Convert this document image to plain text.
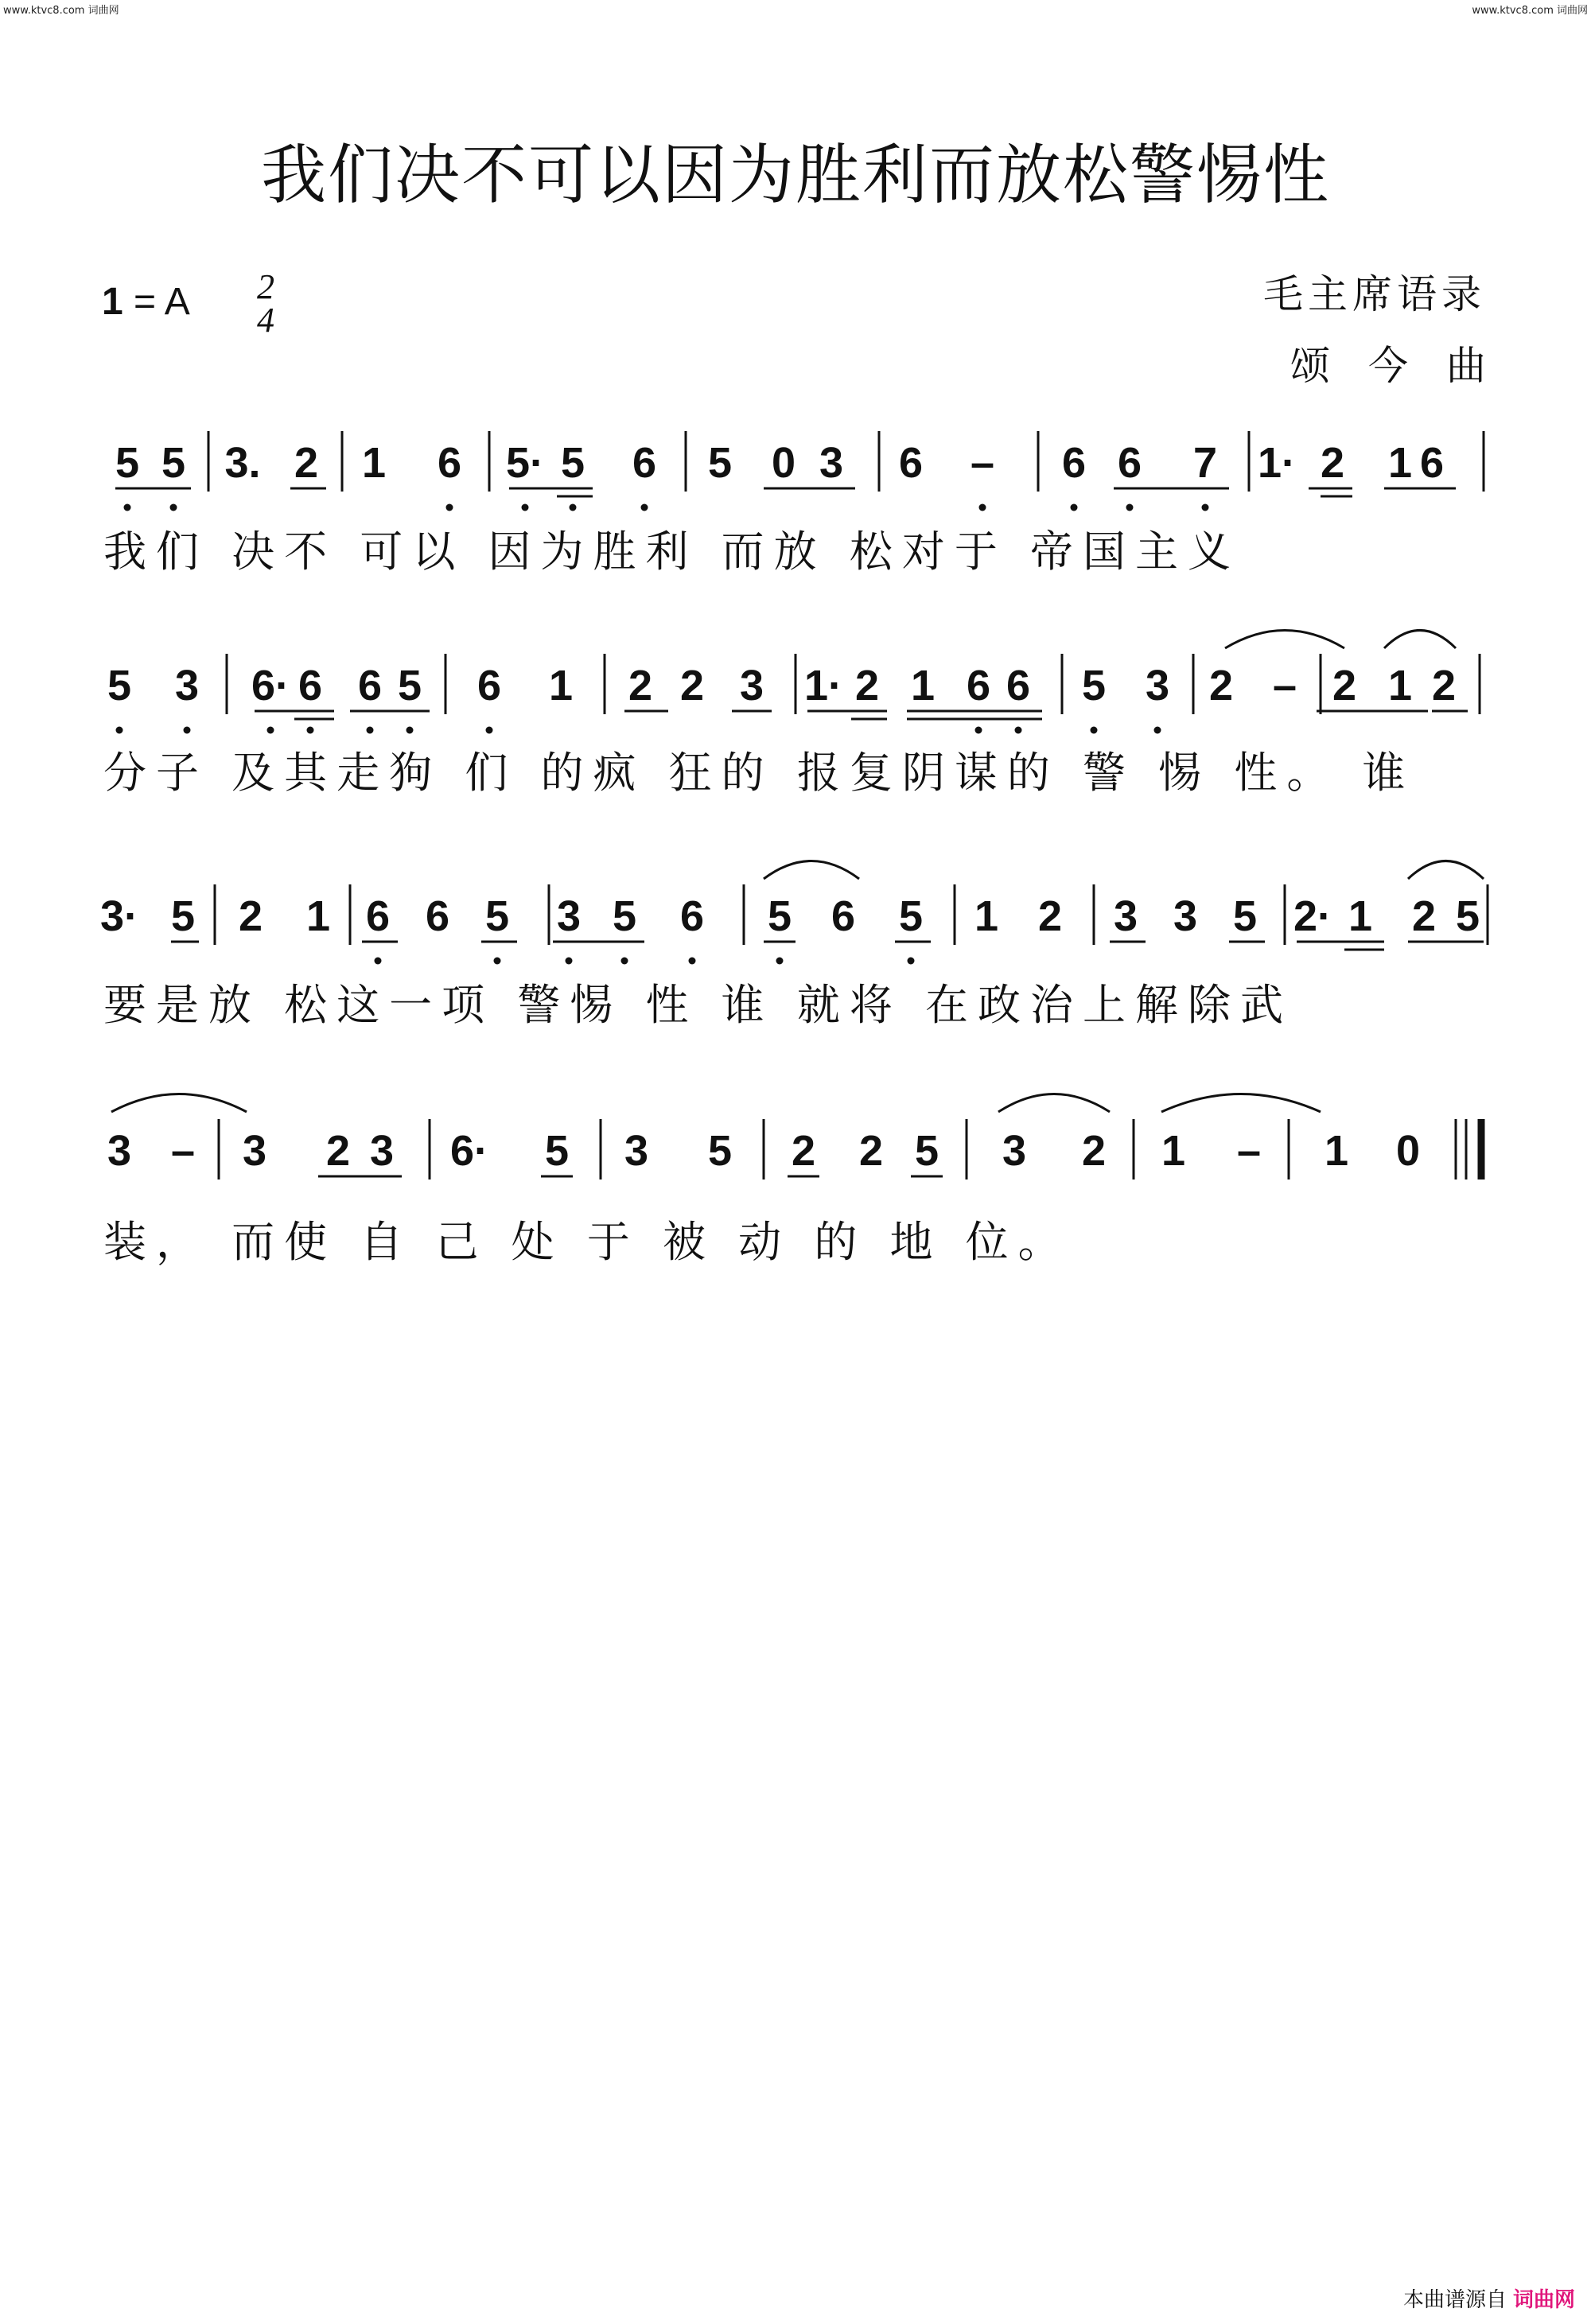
www.ktvc8.com 词曲网	www.ktvc8.com 词曲网
我们决不可以因为胜利而放松警惕性
1 = A 2
4
毛主席语录
颂今曲
5 5 3. 2 1 6 5· 5 6 5 0 3 6 – 6 6 7 1· 2 1 6
5 3 6· 6 6 5 6 1 2 2 3 1· 2 1 6 6 5 3 2 – 2 1 2
3· 5 2 1 6 6 5 3 5 6 5 6 5 1 2 3 3 5 2· 1 2 5
3 – 3 2 3 6· 5 3 5 2 2 5 3 2 1 – 1 0
我们 决不 可以 因为胜利 而放 松对于 帝国主义
分子 及其走狗 们 的疯 狂的 报复阴谋的 警 惕 性。 谁
要是放 松这一项 警惕 性 谁 就将 在政治上解除武
装， 而使 自 己 处 于 被 动 的 地 位。
本曲谱源自 词曲网
